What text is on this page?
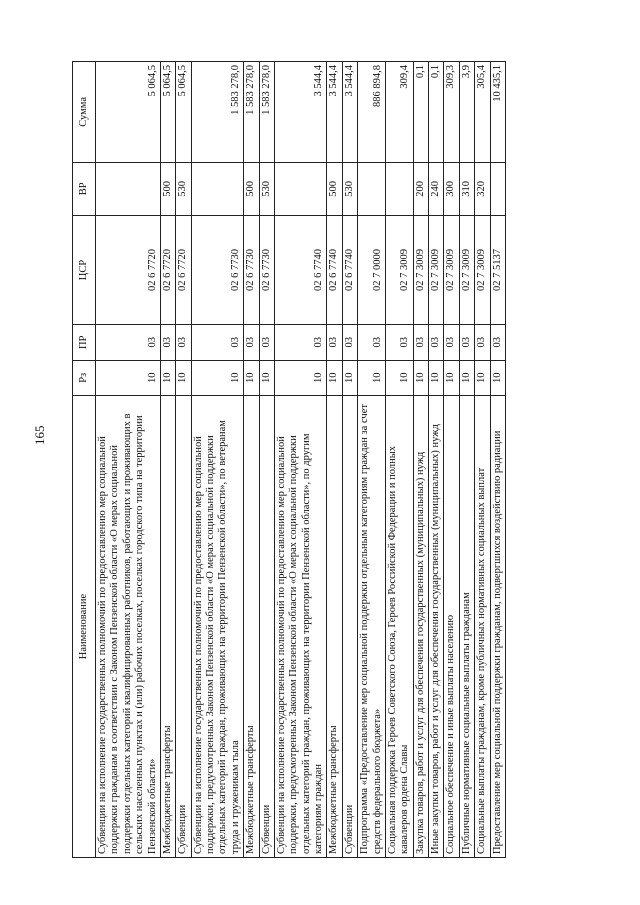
165
Наименование	Рз	ПР	ЦСР	ВР	Сумма
Субвенции на исполнение государственных полномочий по предоставлению мер социальной поддержки гражданам в соответствии с Законом Пензенской области «О мерах социальной поддержки отдельных категорий квалифицированных работников, работающих и проживающих в сельских населенных пунктах и (или) рабочих поселках, поселках городского типа на территории Пензенской области»	10	03	02 6 7720		5 064,5
Межбюджетные трансферты	10	03	02 6 7720	500	5 064,5
Субвенции	10	03	02 6 7720	530	5 064,5
Субвенции на исполнение государственных полномочий по предоставлению мер социальной поддержки, предусмотренных Законом Пензенской области «О мерах социальной поддержки отдельных категорий граждан, проживающих на территории Пензенской области», по ветеранам труда и труженикам тыла	10	03	02 6 7730		1 583 278,0
Межбюджетные трансферты	10	03	02 6 7730	500	1 583 278,0
Субвенции	10	03	02 6 7730	530	1 583 278,0
Субвенции на исполнение государственных полномочий по предоставлению мер социальной поддержки, предусмотренных Законом Пензенской области «О мерах социальной поддержки отдельных категорий граждан, проживающих на территории Пензенской области», по другим категориям граждан	10	03	02 6 7740		3 544,4
Межбюджетные трансферты	10	03	02 6 7740	500	3 544,4
Субвенции	10	03	02 6 7740	530	3 544,4
Подпрограмма «Предоставление мер социальной поддержки отдельным категориям граждан за счет средств федерального бюджета»	10	03	02 7 0000		886 894,8
Социальная поддержка Героев Советского Союза, Героев Российской Федерации и полных кавалеров ордена Славы	10	03	02 7 3009		309,4
Закупка товаров, работ и услуг для обеспечения государственных (муниципальных) нужд	10	03	02 7 3009	200	0,1
Иные закупки товаров, работ и услуг для обеспечения государственных (муниципальных) нужд	10	03	02 7 3009	240	0,1
Социальное обеспечение и иные выплаты населению	10	03	02 7 3009	300	309,3
Публичные нормативные социальные выплаты гражданам	10	03	02 7 3009	310	3,9
Социальные выплаты гражданам, кроме публичных нормативных социальных выплат	10	03	02 7 3009	320	305,4
Предоставление мер социальной поддержки гражданам, подвергшихся воздействию радиации	10	03	02 7 5137		10 435,1
